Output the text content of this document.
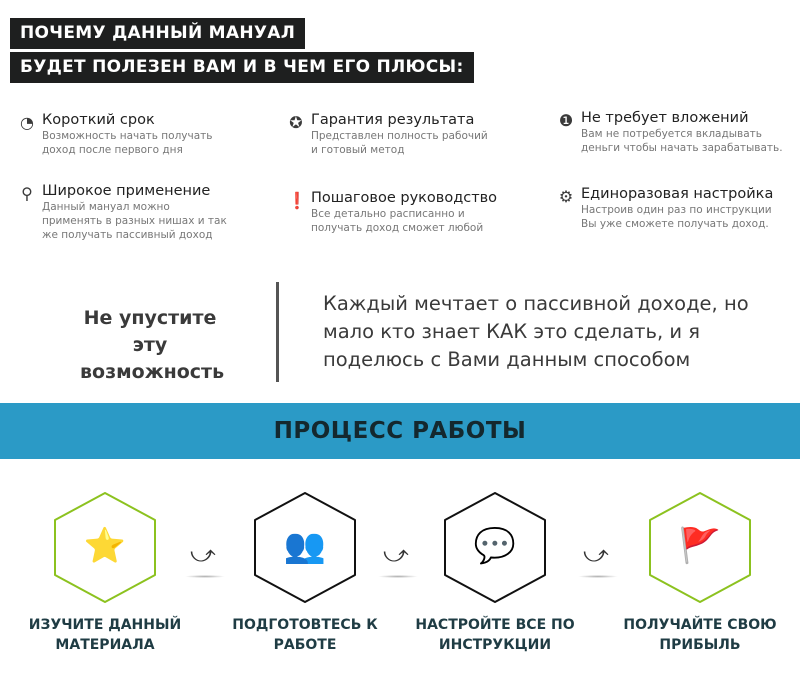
ПОЧЕМУ ДАННЫЙ МАНУАЛ
БУДЕТ ПОЛЕЗЕН ВАМ И В ЧЕМ ЕГО ПЛЮСЫ:
◔ Короткий срок
Возможность начать получать доход после первого дня
✪ Гарантия результата
Представлен полность рабочий и готовый метод
❶ Не требует вложений
Вам не потребуется вкладывать деньги чтобы начать зарабатывать.
⚲ Широкое применение
Данный мануал можно применять в разных нишах и так же получать пассивный доход
❗ Пошаговое руководство
Все детально расписанно и получать доход сможет любой
⚙ Единоразовая настройка
Настроив один раз по инструкции Вы уже сможете получать доход.
Не упустите эту возможность
Каждый мечтает о пассивной доходе, но мало кто знает КАК это сделать, и я поделюсь с Вами данным способом
ПРОЦЕСС РАБОТЫ
⭐
ИЗУЧИТЕ ДАННЫЙ МАТЕРИАЛА
👥
ПОДГОТОВТЕСЬ К РАБОТЕ
💬
НАСТРОЙТЕ ВСЕ ПО ИНСТРУКЦИИ
🚩
ПОЛУЧАЙТЕ СВОЮ ПРИБЫЛЬ
⤻	⤻	⤻
